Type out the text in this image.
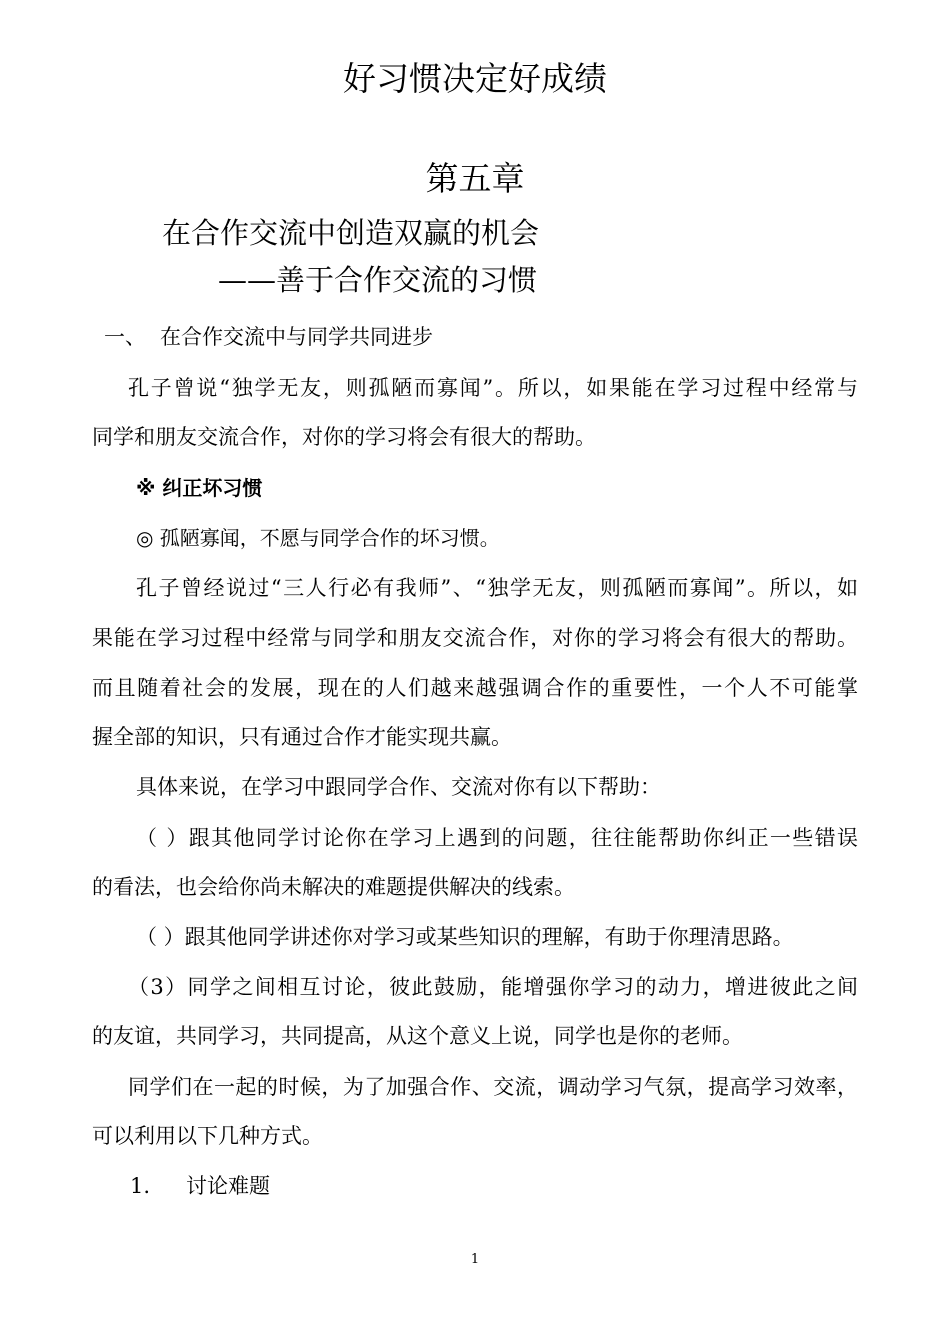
好习惯决定好成绩
第五章
在合作交流中创造双赢的机会
——善于合作交流的习惯
一、 在合作交流中与同学共同进步
孔子曾说“独学无友，则孤陋而寡闻”。所以，如果能在学习过程中经常与
同学和朋友交流合作，对你的学习将会有很大的帮助。
※ 纠正坏习惯
◎ 孤陋寡闻，不愿与同学合作的坏习惯。
孔子曾经说过“三人行必有我师”、“独学无友，则孤陋而寡闻”。所以，如
果能在学习过程中经常与同学和朋友交流合作，对你的学习将会有很大的帮助。
而且随着社会的发展，现在的人们越来越强调合作的重要性，一个人不可能掌
握全部的知识，只有通过合作才能实现共赢。
具体来说，在学习中跟同学合作、交流对你有以下帮助：
（ ）跟其他同学讨论你在学习上遇到的问题，往往能帮助你纠正一些错误
的看法，也会给你尚未解决的难题提供解决的线索。
（ ）跟其他同学讲述你对学习或某些知识的理解，有助于你理清思路。
（3）同学之间相互讨论，彼此鼓励，能增强你学习的动力，增进彼此之间
的友谊，共同学习，共同提高，从这个意义上说，同学也是你的老师。
同学们在一起的时候，为了加强合作、交流，调动学习气氛，提高学习效率，
可以利用以下几种方式。
1. 讨论难题
1
